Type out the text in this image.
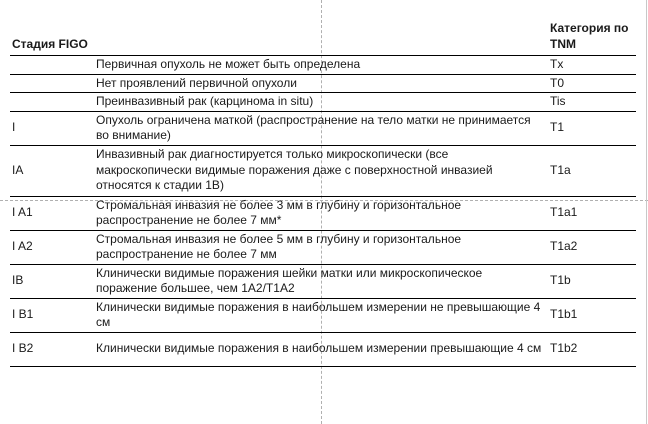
Стадия FIGO		Категория по TNM
	Первичная опухоль не может быть определена	Tx
	Нет проявлений первичной опухоли	T0
	Преинвазивный рак (карцинома in situ)	Tis
I	Опухоль ограничена маткой (распространение на тело матки не принимается во внимание)	T1
IA	Инвазивный рак диагностируется только микроскопически (все макроскопически видимые поражения даже с поверхностной инвазией относятся к стадии 1В)	T1a
I A1	Стромальная инвазия не более 3 мм в глубину и горизонтальное распространение не более 7 мм*	T1a1
I A2	Стромальная инвазия не более 5 мм в глубину и горизонтальное распространение не более 7 мм	T1a2
IB	Клинически видимые поражения шейки матки или микроскопическое поражение большее, чем 1А2/Т1А2	T1b
I B1	Клинически видимые поражения в наибольшем измерении не превышающие 4 см	T1b1
I B2	Клинически видимые поражения в наибольшем измерении превышающие 4 см	T1b2
